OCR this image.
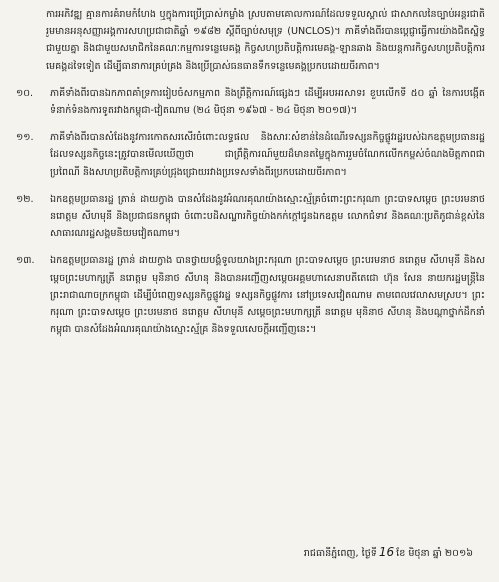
ការអភិវឌ្ឍ គ្មានការគំរាមកំហែង ឬក្នុងការប្រើប្រាស់កម្លាំង ស្របតាមគោលការណ៍ដែលទទួលស្គាល់ ជាសាកលនៃច្បាប់អន្តរជាតិ រួមមានអនុសញ្ញាអង្គការសហប្រជាជាតិឆ្នាំ ១៩៨២ ស្តីពីច្បាប់សមុទ្រ (UNCLOS)។ ភាគីទាំងពីរបានប្តេជ្ញាធ្វើការយ៉ាងជិតស្និទ្ធជាមួយគ្នា និងជាមួយសមាជិកនៃគណៈកម្មការទន្លេមេគង្គ កិច្ចសហប្រតិបត្តិការមេគង្គ-ឡានឆាង និងយន្តការកិច្ចសហប្រតិបត្តិការមេគង្គដទៃទៀត ដើម្បីធានាការគ្រប់គ្រង និងប្រើប្រាស់ធនធានទឹកទន្លេមេគង្គប្រកបដោយចីរភាព។

១០.	ភាគីទាំងពីរបានឯកភាពគាំទ្រការរៀបចំសកម្មភាព និងព្រឹត្តិការណ៍ផ្សេងៗ ដើម្បីអបអរសាទរ ខួបលើកទី ៥០ ឆ្នាំ នៃការបង្កើតទំនាក់ទំនងការទូតរវាងកម្ពុជា-វៀតណាម (២៤ មិថុនា ១៩៦៧ - ២៤ មិថុនា ២០១៧)។

១១.	ភាគីទាំងពីរបានសំដែងនូវការកោតសរសើរចំពោះលទ្ធផល និងសារៈសំខាន់នៃដំណើរទស្សនកិច្ចផ្លូវរដ្ឋរបស់ឯកឧត្តមប្រធានរដ្ឋ ដែលទស្សនកិច្ចនេះត្រូវបានមើលឃើញថា ជាព្រឹត្តិការណ៍មួយដ៏មានតម្លៃក្នុងការរួមចំណែកលើកកម្ពស់ចំណងមិត្តភាពជាប្រពៃណី និងសហប្រតិបត្តិការគ្រប់ជ្រុងជ្រោយរវាងប្រទេសទាំងពីរប្រកបដោយចីរភាព។

១២.	ឯកឧត្តមប្រធានរដ្ឋ ត្រាន់ ដាយក្វាង បានសំដែងនូវអំណរគុណយ៉ាងស្មោះស្ម័គ្រចំពោះព្រះករុណា ព្រះបាទសម្តេច ព្រះបរមនាថ នរោត្តម សីហមុនី និងប្រជាជនកម្ពុជា ចំពោះបដិសណ្ឋារកិច្ចយ៉ាងកក់ក្តៅជូនឯកឧត្តម លោកជំទាវ និងគណៈប្រតិភូជាន់ខ្ពស់នៃសាធារណរដ្ឋសង្គមនិយមវៀតណាម។

១៣.	ឯកឧត្តមប្រធានរដ្ឋ ត្រាន់ ដាយក្វាង បានថ្វាយបង្គំទូលយាងព្រះករុណា ព្រះបាទសម្តេច ព្រះបរមនាថ នរោត្តម សីហមុនី និងសម្តេចព្រះមហាក្សត្រី នរោត្តម មុនិនាថ សីហនុ និងបានអញ្ជើញសម្តេចអគ្គមហាសេនាបតីតេជោ ហ៊ុន សែន នាយករដ្ឋមន្ត្រីនៃព្រះរាជាណាចក្រកម្ពុជា ដើម្បីបំពេញទស្សនកិច្ចផ្លូវរដ្ឋ ទស្សនកិច្ចផ្លូវការ នៅប្រទេសវៀតណាម តាមពេលវេលាសមស្រប។ ព្រះករុណា ព្រះបាទសម្តេច ព្រះបរមនាថ នរោត្តម សីហមុនី សម្តេចព្រះមហាក្សត្រី នរោត្តម មុនិនាថ សីហនុ និងបណ្តាថ្នាក់ដឹកនាំកម្ពុជា បានសំដែងអំណរគុណយ៉ាងស្មោះស្ម័គ្រ និងទទួលសេចក្តីអញ្ជើញនេះ។

រាជធានីភ្នំពេញ, ថ្ងៃទី 16 ខែ មិថុនា ឆ្នាំ ២០១៦
